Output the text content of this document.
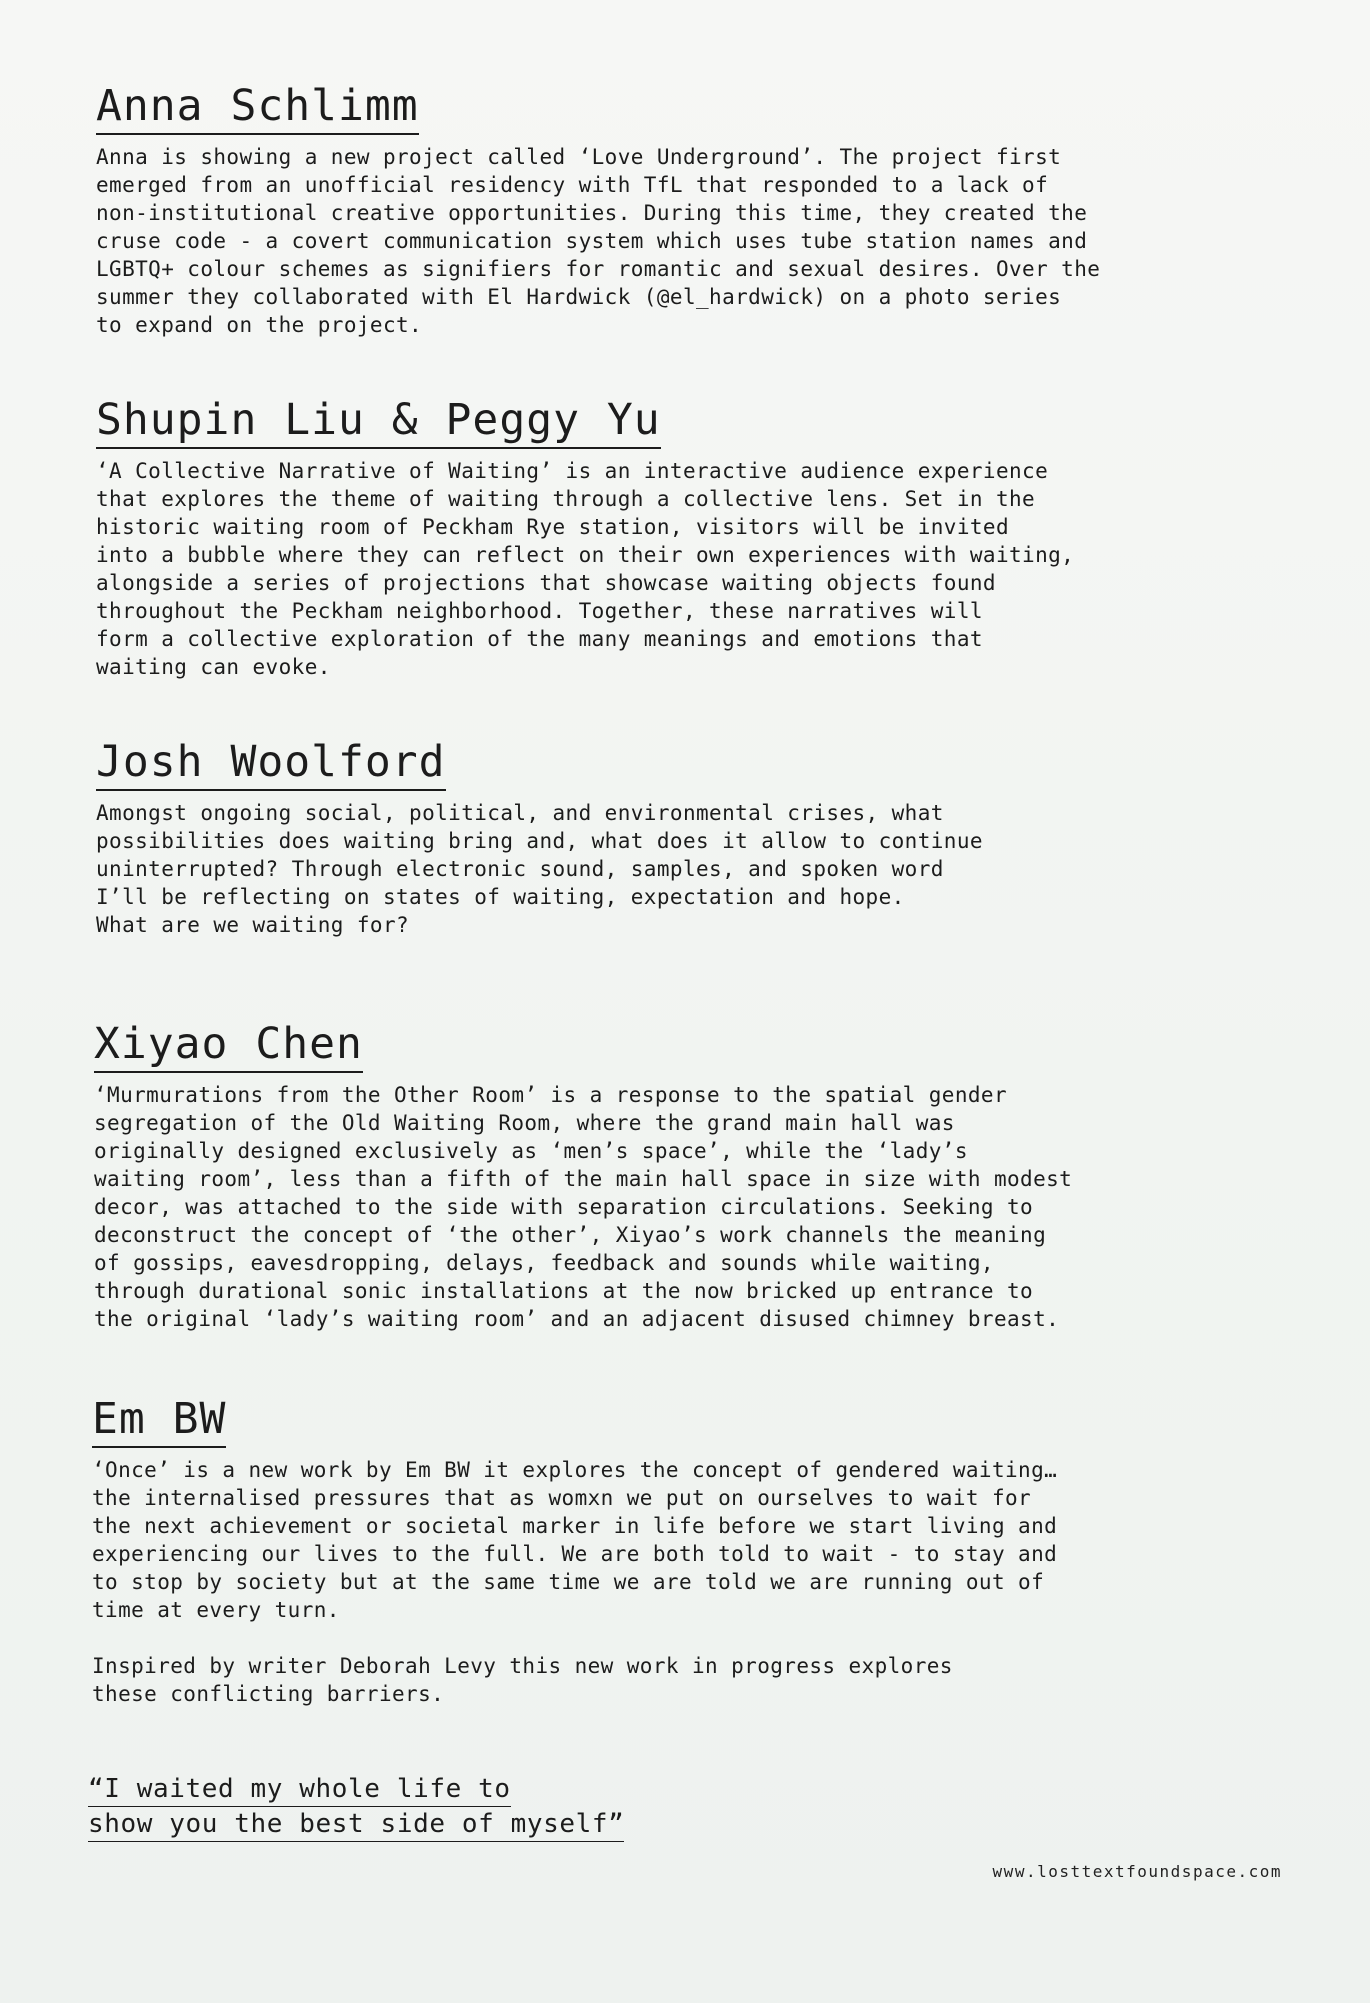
Anna Schlimm

Anna is showing a new project called ‘Love Underground’. The project first
emerged from an unofficial residency with TfL that responded to a lack of
non-institutional creative opportunities. During this time, they created the
cruse code - a covert communication system which uses tube station names and
LGBTQ+ colour schemes as signifiers for romantic and sexual desires. Over the
summer they collaborated with El Hardwick (@el_hardwick) on a photo series
to expand on the project.

Shupin Liu & Peggy Yu

‘A Collective Narrative of Waiting’ is an interactive audience experience
that explores the theme of waiting through a collective lens. Set in the
historic waiting room of Peckham Rye station, visitors will be invited
into a bubble where they can reflect on their own experiences with waiting,
alongside a series of projections that showcase waiting objects found
throughout the Peckham neighborhood. Together, these narratives will
form a collective exploration of the many meanings and emotions that
waiting can evoke.

Josh Woolford

Amongst ongoing social, political, and environmental crises, what
possibilities does waiting bring and, what does it allow to continue
uninterrupted? Through electronic sound, samples, and spoken word
I’ll be reflecting on states of waiting, expectation and hope.
What are we waiting for?

Xiyao Chen

‘Murmurations from the Other Room’ is a response to the spatial gender
segregation of the Old Waiting Room, where the grand main hall was
originally designed exclusively as ‘men’s space’, while the ‘lady’s
waiting room’, less than a fifth of the main hall space in size with modest
decor, was attached to the side with separation circulations. Seeking to
deconstruct the concept of ‘the other’, Xiyao’s work channels the meaning
of gossips, eavesdropping, delays, feedback and sounds while waiting,
through durational sonic installations at the now bricked up entrance to
the original ‘lady’s waiting room’ and an adjacent disused chimney breast.

Em BW

‘Once’ is a new work by Em BW it explores the concept of gendered waiting…
the internalised pressures that as womxn we put on ourselves to wait for
the next achievement or societal marker in life before we start living and
experiencing our lives to the full. We are both told to wait - to stay and
to stop by society but at the same time we are told we are running out of
time at every turn.

Inspired by writer Deborah Levy this new work in progress explores
these conflicting barriers.

“I waited my whole life to
show you the best side of myself”
www.losttextfoundspace.com
